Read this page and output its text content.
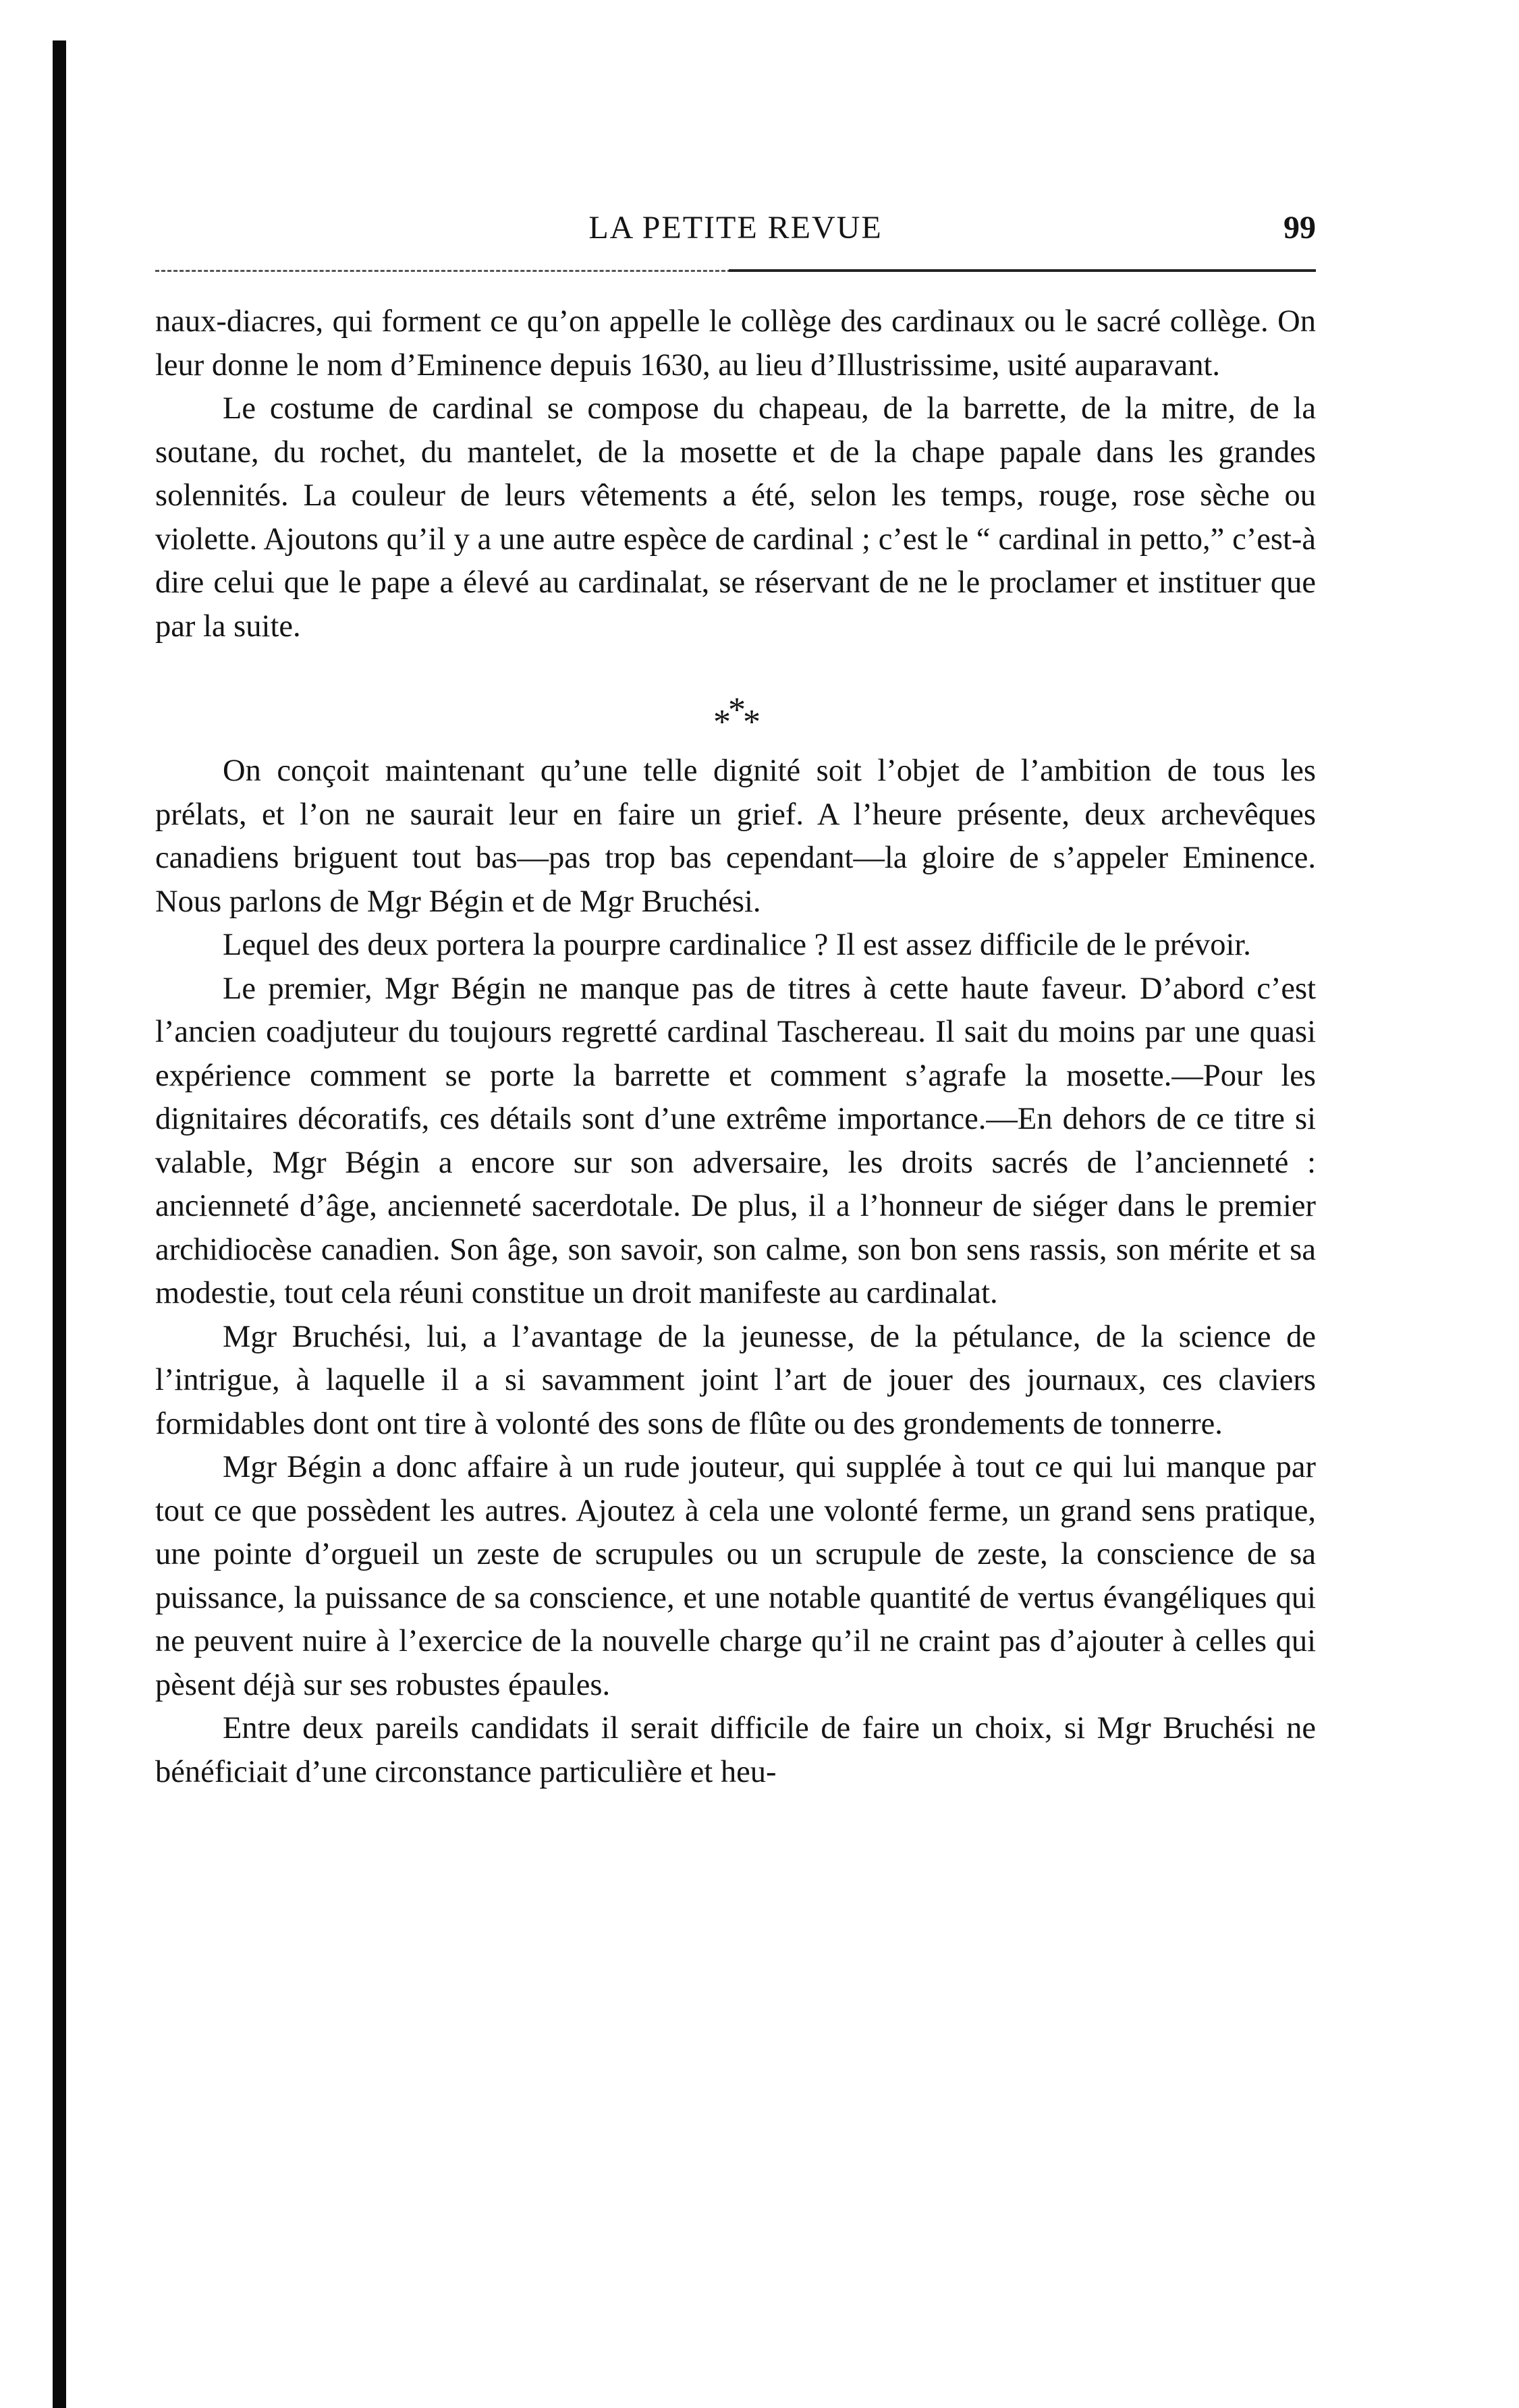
LA PETITE REVUE	99

naux-diacres, qui forment ce qu’on appelle le collège des cardinaux ou le sacré collège. On leur donne le nom d’Eminence depuis 1630, au lieu d’Illustrissime, usité auparavant.

Le costume de cardinal se compose du chapeau, de la barrette, de la mitre, de la soutane, du rochet, du mantelet, de la mosette et de la chape papale dans les grandes solennités. La couleur de leurs vêtements a été, selon les temps, rouge, rose sèche ou violette. Ajoutons qu’il y a une autre espèce de cardinal ; c’est le “ cardinal in petto,” c’est-à dire celui que le pape a élevé au cardinalat, se réservant de ne le proclamer et instituer que par la suite.

***

On conçoit maintenant qu’une telle dignité soit l’objet de l’ambition de tous les prélats, et l’on ne saurait leur en faire un grief. A l’heure présente, deux archevêques canadiens briguent tout bas—pas trop bas cependant—la gloire de s’appeler Eminence. Nous parlons de Mgr Bégin et de Mgr Bruchési.

Lequel des deux portera la pourpre cardinalice ? Il est assez difficile de le prévoir.

Le premier, Mgr Bégin ne manque pas de titres à cette haute faveur. D’abord c’est l’ancien coadjuteur du toujours regretté cardinal Taschereau. Il sait du moins par une quasi expérience comment se porte la barrette et comment s’agrafe la mosette.—Pour les dignitaires décoratifs, ces détails sont d’une extrême importance.—En dehors de ce titre si valable, Mgr Bégin a encore sur son adversaire, les droits sacrés de l’ancienneté : ancienneté d’âge, ancienneté sacerdotale. De plus, il a l’honneur de siéger dans le premier archidiocèse canadien. Son âge, son savoir, son calme, son bon sens rassis, son mérite et sa modestie, tout cela réuni constitue un droit manifeste au cardinalat.

Mgr Bruchési, lui, a l’avantage de la jeunesse, de la pétulance, de la science de l’intrigue, à laquelle il a si savamment joint l’art de jouer des journaux, ces claviers formidables dont ont tire à volonté des sons de flûte ou des grondements de tonnerre.

Mgr Bégin a donc affaire à un rude jouteur, qui supplée à tout ce qui lui manque par tout ce que possèdent les autres. Ajoutez à cela une volonté ferme, un grand sens pratique, une pointe d’orgueil un zeste de scrupules ou un scrupule de zeste, la conscience de sa puissance, la puissance de sa conscience, et une notable quantité de vertus évangéliques qui ne peuvent nuire à l’exercice de la nouvelle charge qu’il ne craint pas d’ajouter à celles qui pèsent déjà sur ses robustes épaules.

Entre deux pareils candidats il serait difficile de faire un choix, si Mgr Bruchési ne bénéficiait d’une circonstance particulière et heu-
